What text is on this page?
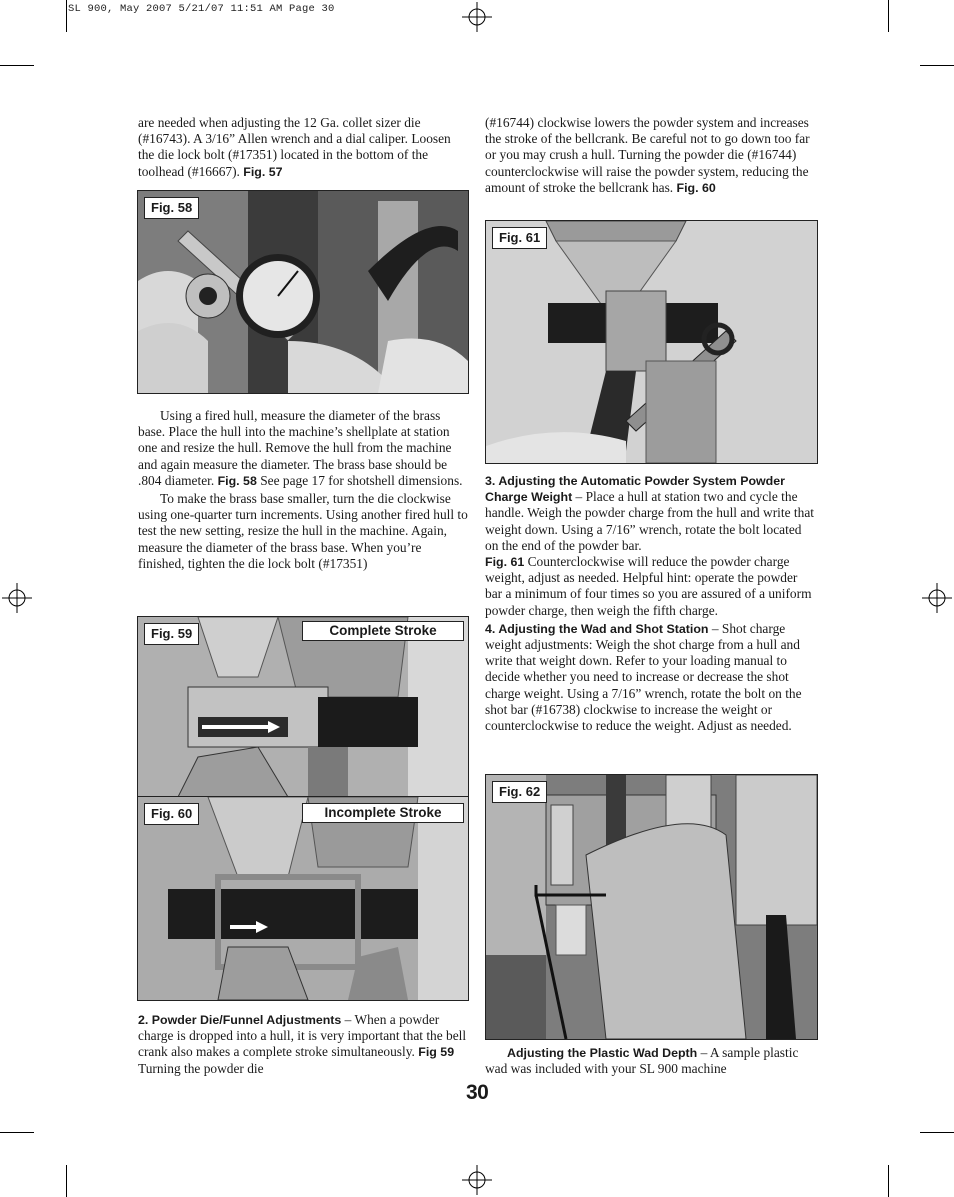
SL 900, May 2007 5/21/07 11:51 AM Page 30

are needed when adjusting the 12 Ga. collet sizer die (#16743). A 3/16” Allen wrench and a dial caliper. Loosen the die lock bolt (#17351) located in the bottom of the toolhead (#16667). Fig. 57

Fig. 58

Using a fired hull, measure the diameter of the brass base. Place the hull into the machine’s shellplate at station one and resize the hull. Remove the hull from the machine and again measure the diameter. The brass base should be .804 diameter. Fig. 58 See page 17 for shotshell dimensions.

To make the brass base smaller, turn the die clockwise using one-quarter turn increments. Using another fired hull to test the new setting, resize the hull in the machine. Again, measure the diameter of the brass base. When you’re finished, tighten the die lock bolt (#17351)

Fig. 59	Complete Stroke
Fig. 60	Incomplete Stroke

2. Powder Die/Funnel Adjustments – When a powder charge is dropped into a hull, it is very important that the bell crank also makes a complete stroke simultaneously. Fig 59 Turning the powder die

(#16744) clockwise lowers the powder system and increases the stroke of the bellcrank. Be careful not to go down too far or you may crush a hull. Turning the powder die (#16744) counterclockwise will raise the powder system, reducing the amount of stroke the bellcrank has. Fig. 60

Fig. 61

3. Adjusting the Automatic Powder System Powder Charge Weight – Place a hull at station two and cycle the handle. Weigh the powder charge from the hull and write that weight down. Using a 7/16” wrench, rotate the bolt located on the end of the powder bar.
Fig. 61 Counterclockwise will reduce the powder charge weight, adjust as needed. Helpful hint: operate the powder bar a minimum of four times so you are assured of a uniform powder charge, then weigh the fifth charge.

4. Adjusting the Wad and Shot Station – Shot charge weight adjustments: Weigh the shot charge from a hull and write that weight down. Refer to your loading manual to decide whether you need to increase or decrease the shot charge weight. Using a 7/16” wrench, rotate the bolt on the shot bar (#16738) clockwise to increase the weight or counterclockwise to reduce the weight. Adjust as needed.

Fig. 62

Adjusting the Plastic Wad Depth – A sample plastic wad was included with your SL 900 machine

30
